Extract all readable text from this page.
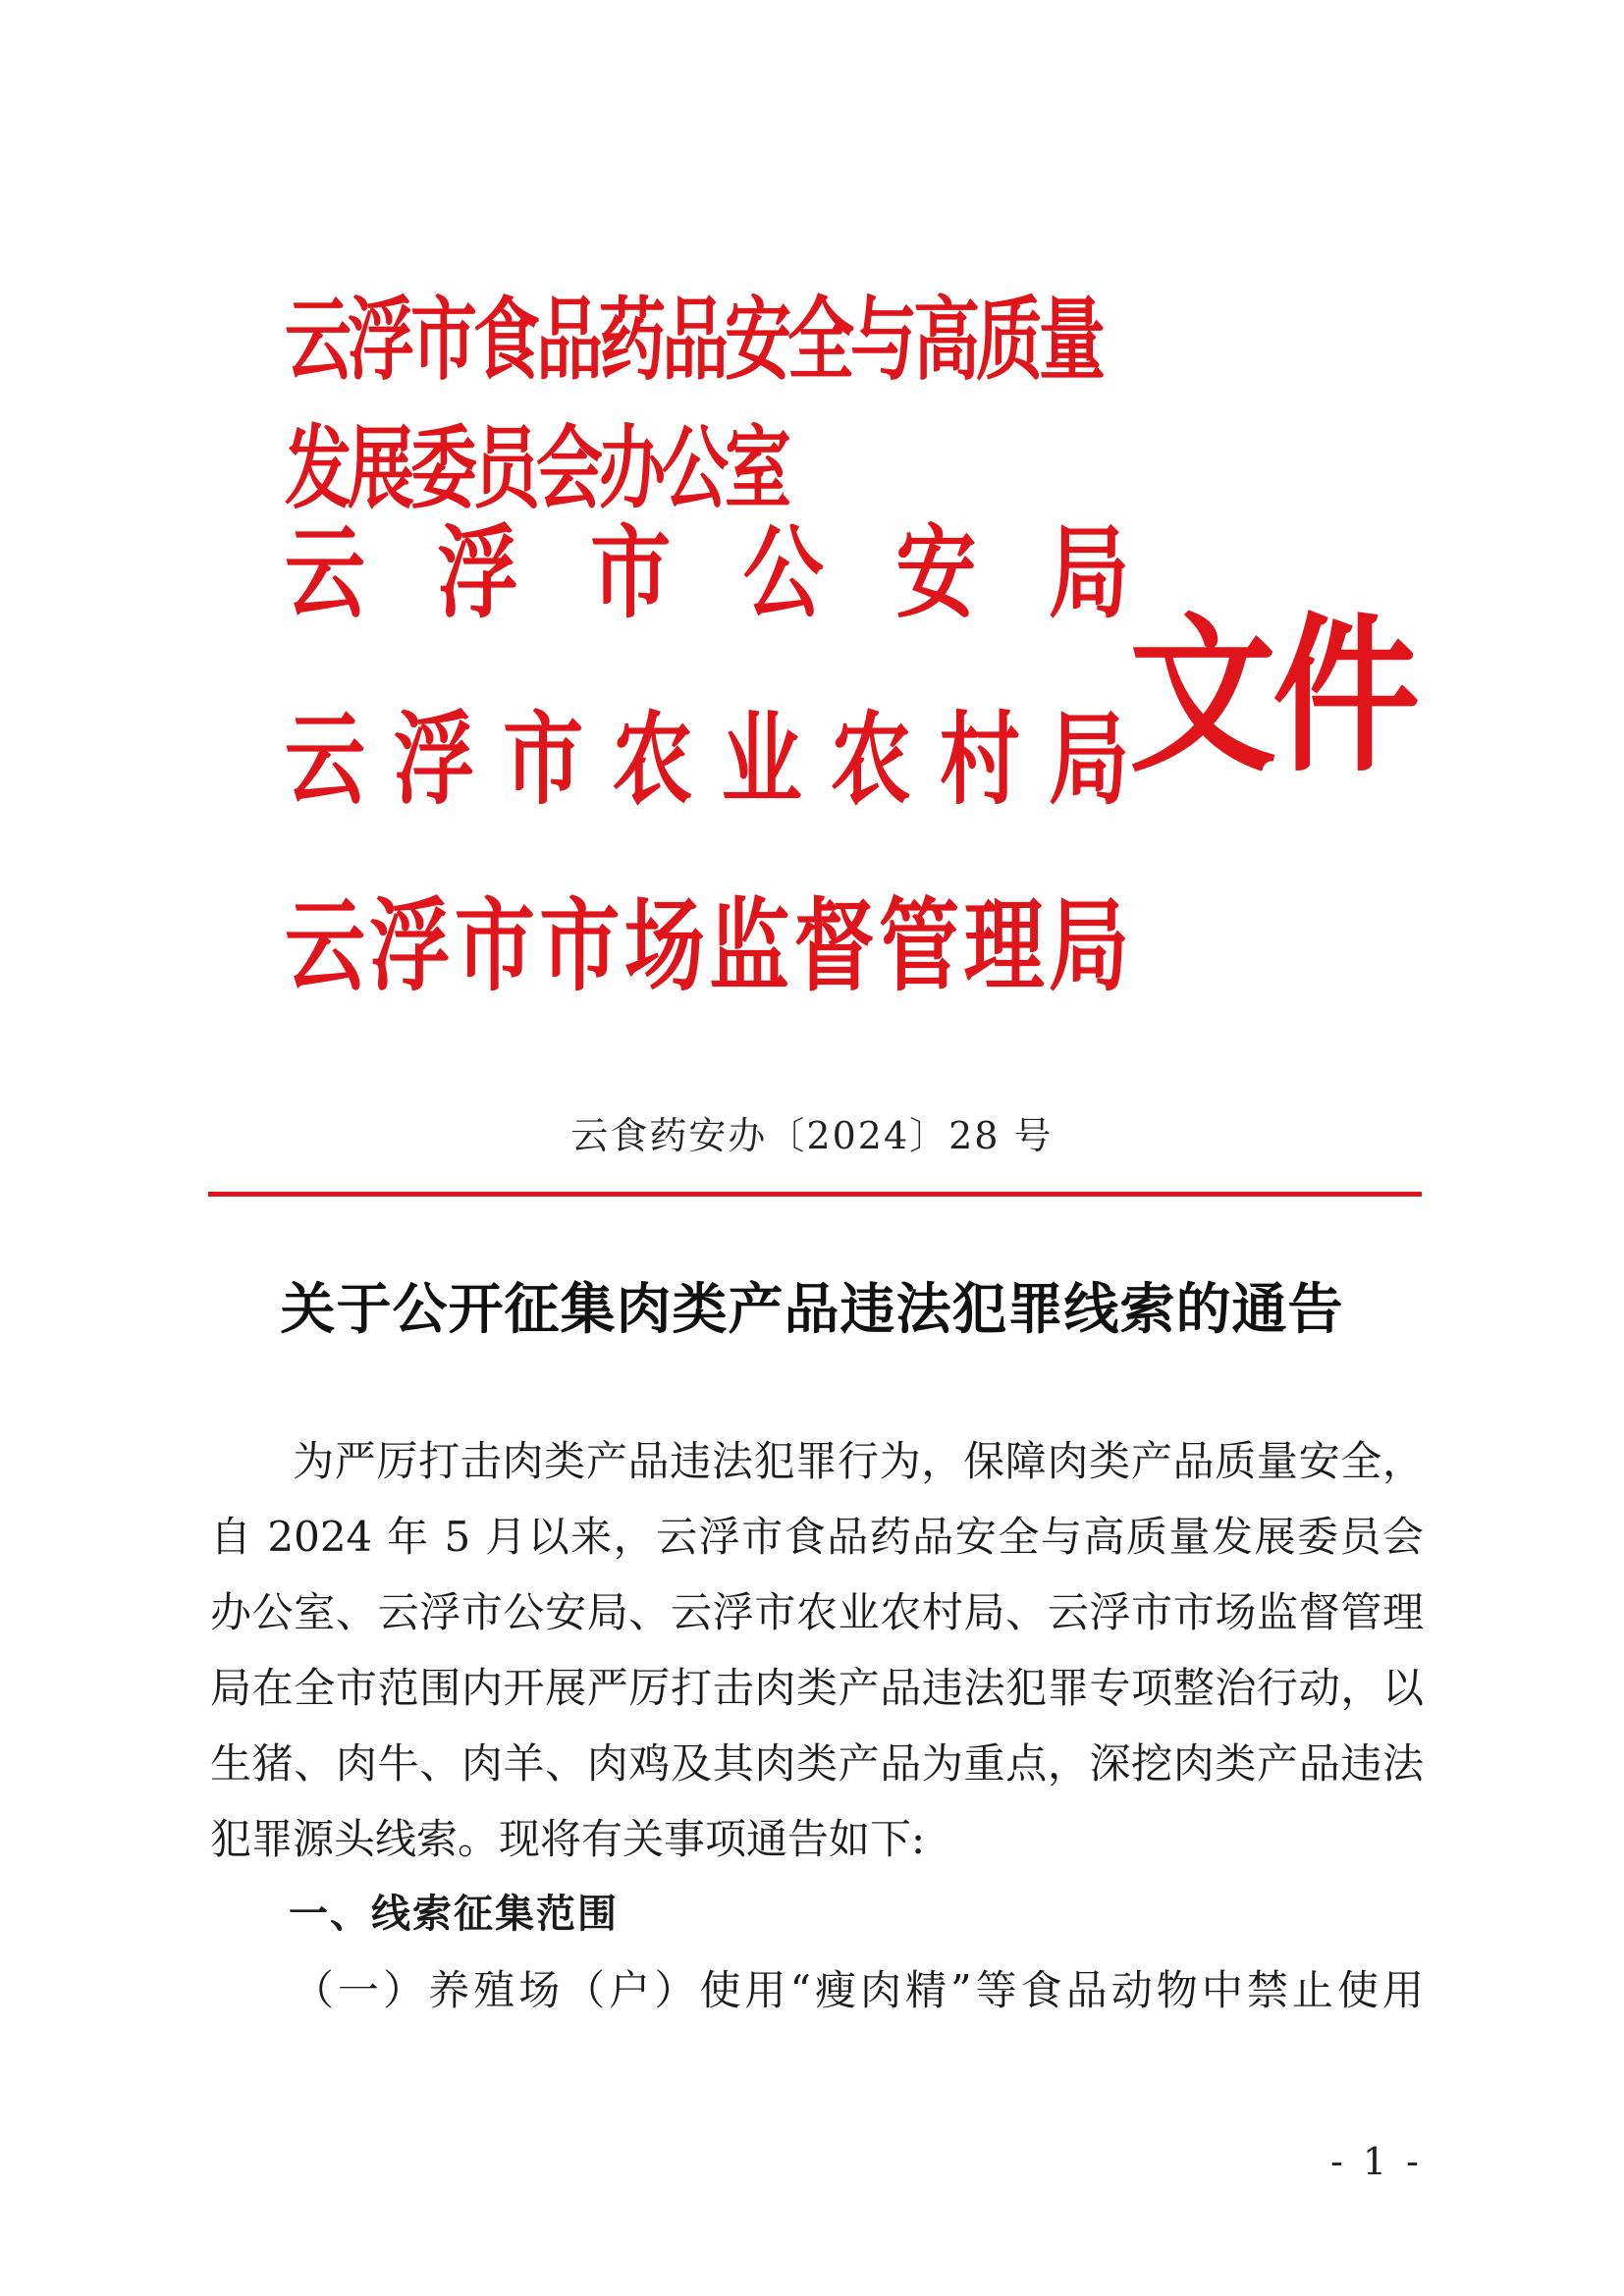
云浮市食品药品安全与高质量发展委员会办公室
云 浮 市 公 安 局
云 浮 市 农 业 农 村 局
云 浮 市 市 场 监 督 管 理 局
文件
云食药安办〔2024〕28 号
关于公开征集肉类产品违法犯罪线索的通告

为严厉打击肉类产品违法犯罪行为，保障肉类产品质量安全，自 2024 年 5 月以来，云浮市食品药品安全与高质量发展委员会办公室、云浮市公安局、云浮市农业农村局、云浮市市场监督管理局在全市范围内开展严厉打击肉类产品违法犯罪专项整治行动，以生猪、肉牛、肉羊、肉鸡及其肉类产品为重点，深挖肉类产品违法犯罪源头线索。现将有关事项通告如下:

一、线索征集范围

（一）养殖场（户）使用“瘦肉精”等食品动物中禁止使用

- 1 -
